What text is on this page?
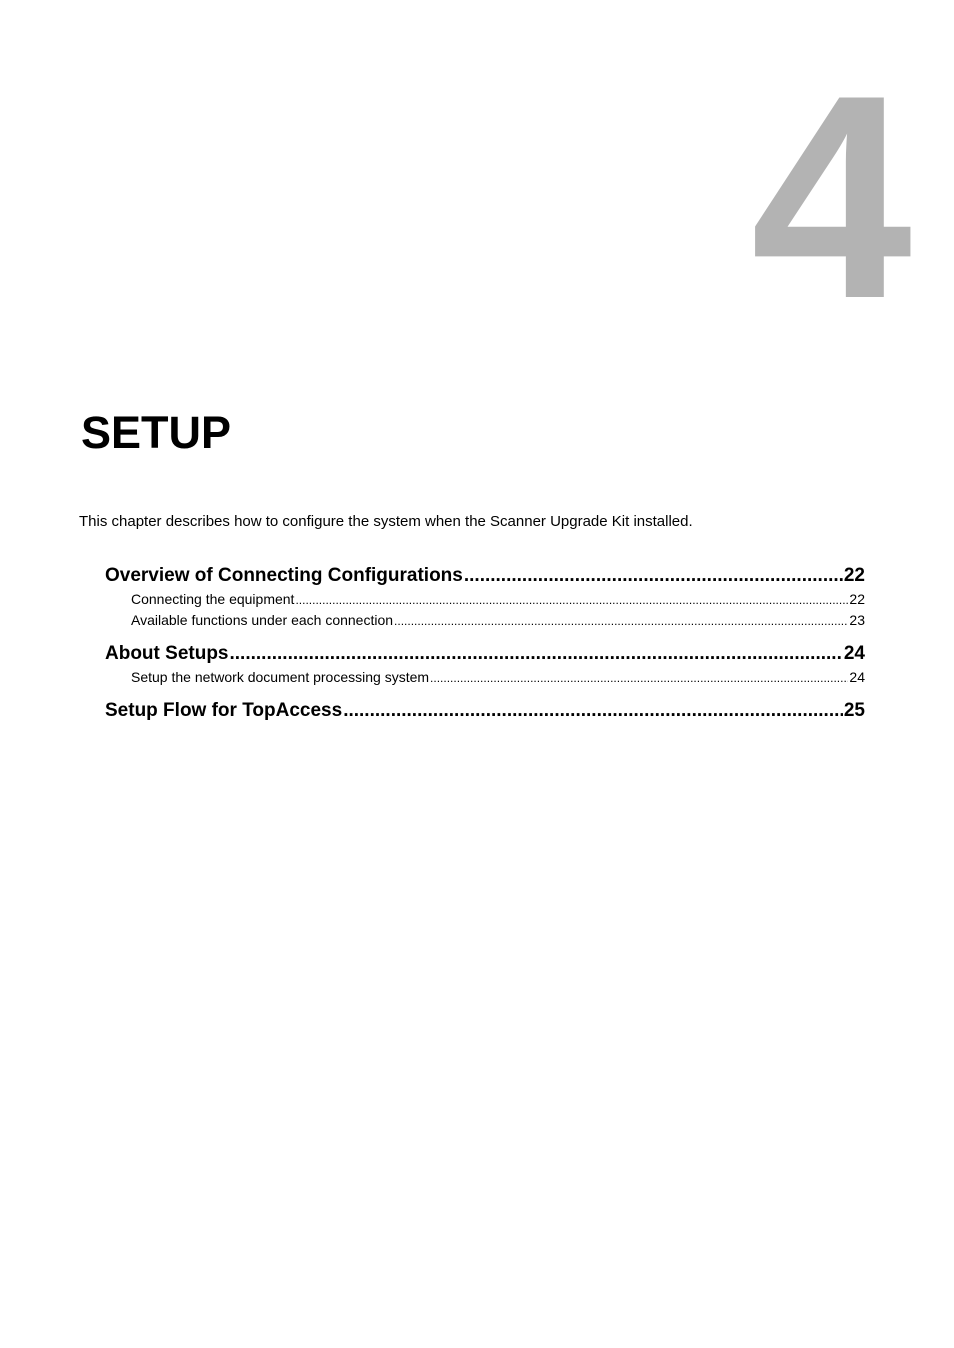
4
SETUP

This chapter describes how to configure the system when the Scanner Upgrade Kit installed.

Overview of Connecting Configurations .....	22
Connecting the equipment .....	22
Available functions under each connection .....	23
About Setups .....	24
Setup the network document processing system .....	24
Setup Flow for TopAccess .....	25
